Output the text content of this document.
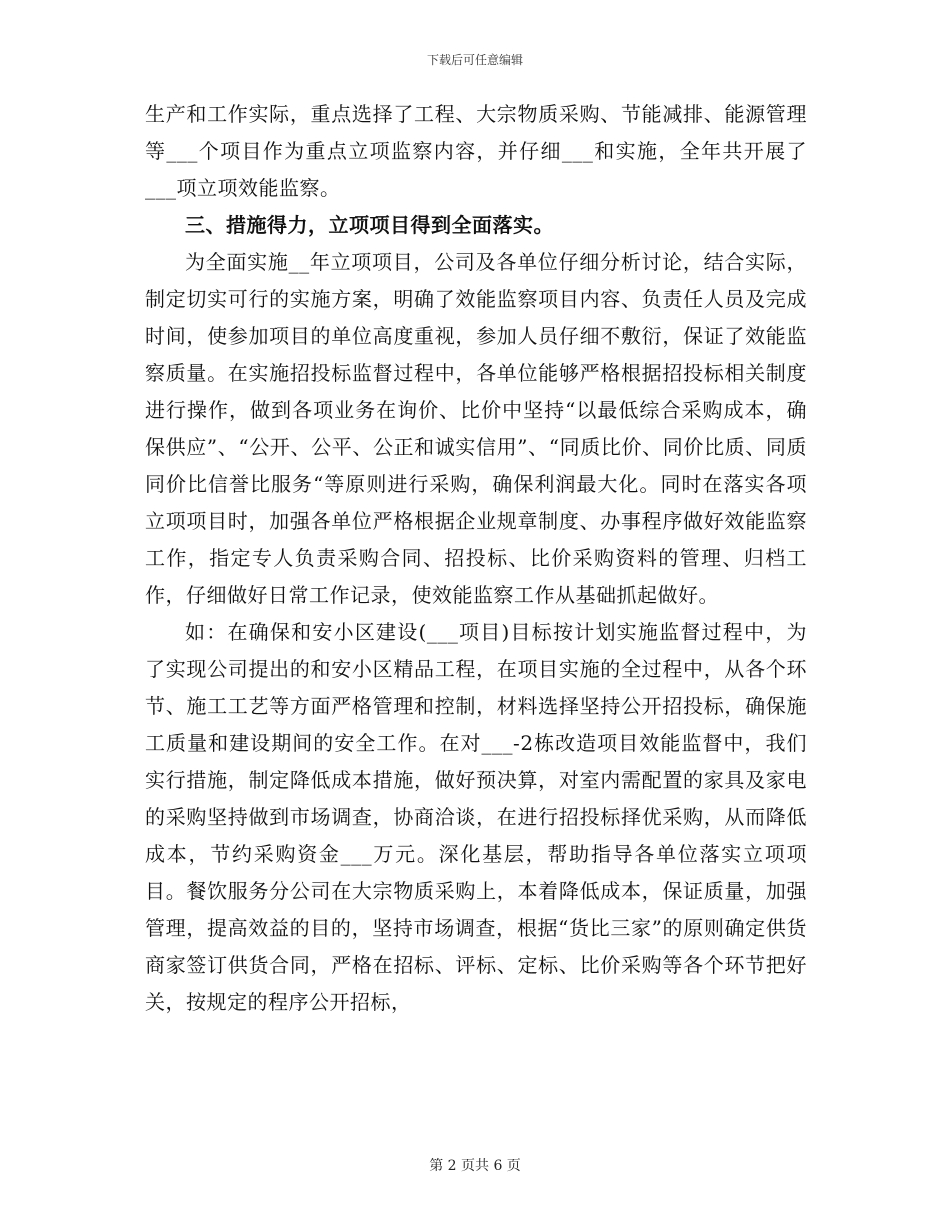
下载后可任意编辑

生产和工作实际，重点选择了工程、大宗物质采购、节能减排、能源管理等___个项目作为重点立项监察内容，并仔细___和实施，全年共开展了___项立项效能监察。

三、措施得力，立项项目得到全面落实。

为全面实施__年立项项目，公司及各单位仔细分析讨论，结合实际，制定切实可行的实施方案，明确了效能监察项目内容、负责任人员及完成时间，使参加项目的单位高度重视，参加人员仔细不敷衍，保证了效能监察质量。在实施招投标监督过程中，各单位能够严格根据招投标相关制度进行操作，做到各项业务在询价、比价中坚持“以最低综合采购成本，确保供应”、“公开、公平、公正和诚实信用”、“同质比价、同价比质、同质同价比信誉比服务“等原则进行采购，确保利润最大化。同时在落实各项立项项目时，加强各单位严格根据企业规章制度、办事程序做好效能监察工作，指定专人负责采购合同、招投标、比价采购资料的管理、归档工作，仔细做好日常工作记录，使效能监察工作从基础抓起做好。

如：在确保和安小区建设(___项目)目标按计划实施监督过程中，为了实现公司提出的和安小区精品工程，在项目实施的全过程中，从各个环节、施工工艺等方面严格管理和控制，材料选择坚持公开招投标，确保施工质量和建设期间的安全工作。在对___-2栋改造项目效能监督中，我们实行措施，制定降低成本措施，做好预决算，对室内需配置的家具及家电的采购坚持做到市场调查，协商洽谈，在进行招投标择优采购，从而降低成本，节约采购资金___万元。深化基层，帮助指导各单位落实立项项目。餐饮服务分公司在大宗物质采购上，本着降低成本，保证质量，加强管理，提高效益的目的，坚持市场调查，根据“货比三家”的原则确定供货商家签订供货合同，严格在招标、评标、定标、比价采购等各个环节把好关，按规定的程序公开招标，

第 2 页共 6 页
